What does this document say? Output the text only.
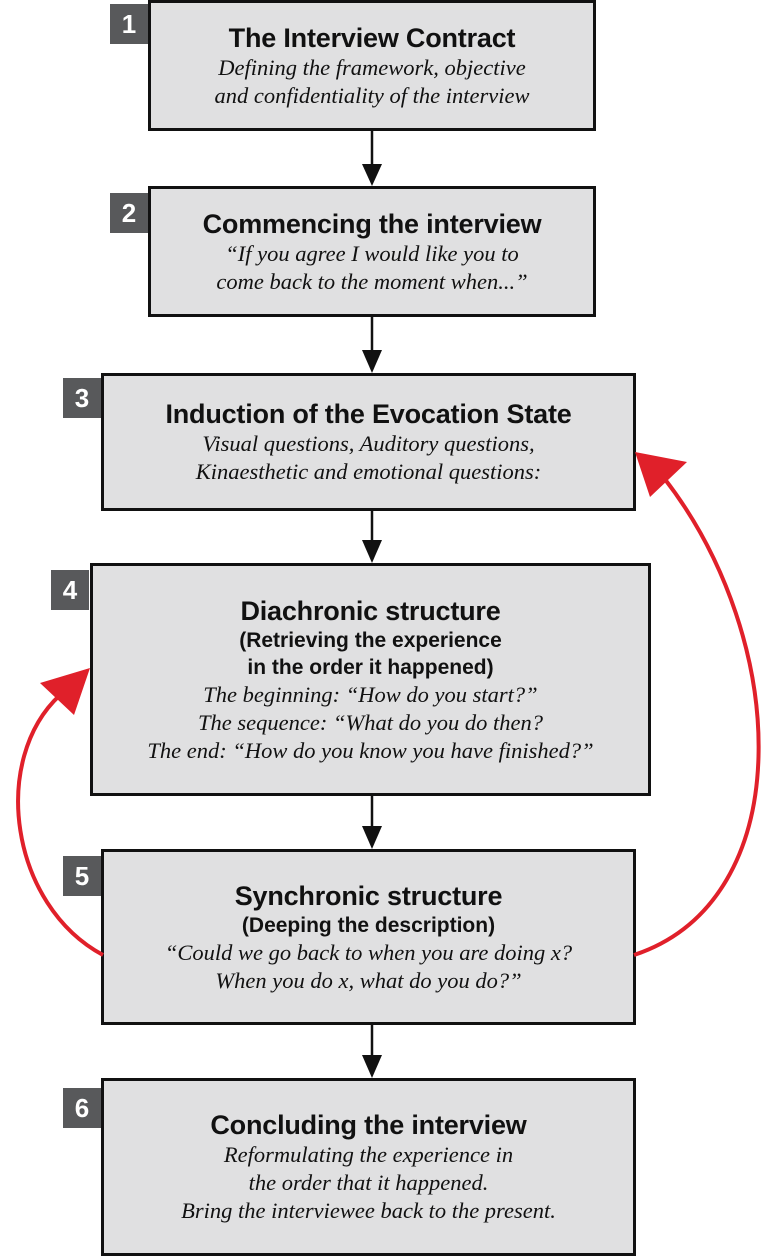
1	The Interview Contract
Defining the framework, objective
and confidentiality of the interview
2	Commencing the interview
“If you agree I would like you to
come back to the moment when...”
3
Induction of the Evocation State
Visual questions, Auditory questions,
Kinaesthetic and emotional questions:
4
Diachronic structure
(Retrieving the experience
in the order it happened)
The beginning: “How do you start?”
The sequence: “What do you do then?
The end: “How do you know you have finished?”
5
Synchronic structure
(Deeping the description)
“Could we go back to when you are doing x?
When you do x, what do you do?”
6
Concluding the interview
Reformulating the experience in
the order that it happened.
Bring the interviewee back to the present.
